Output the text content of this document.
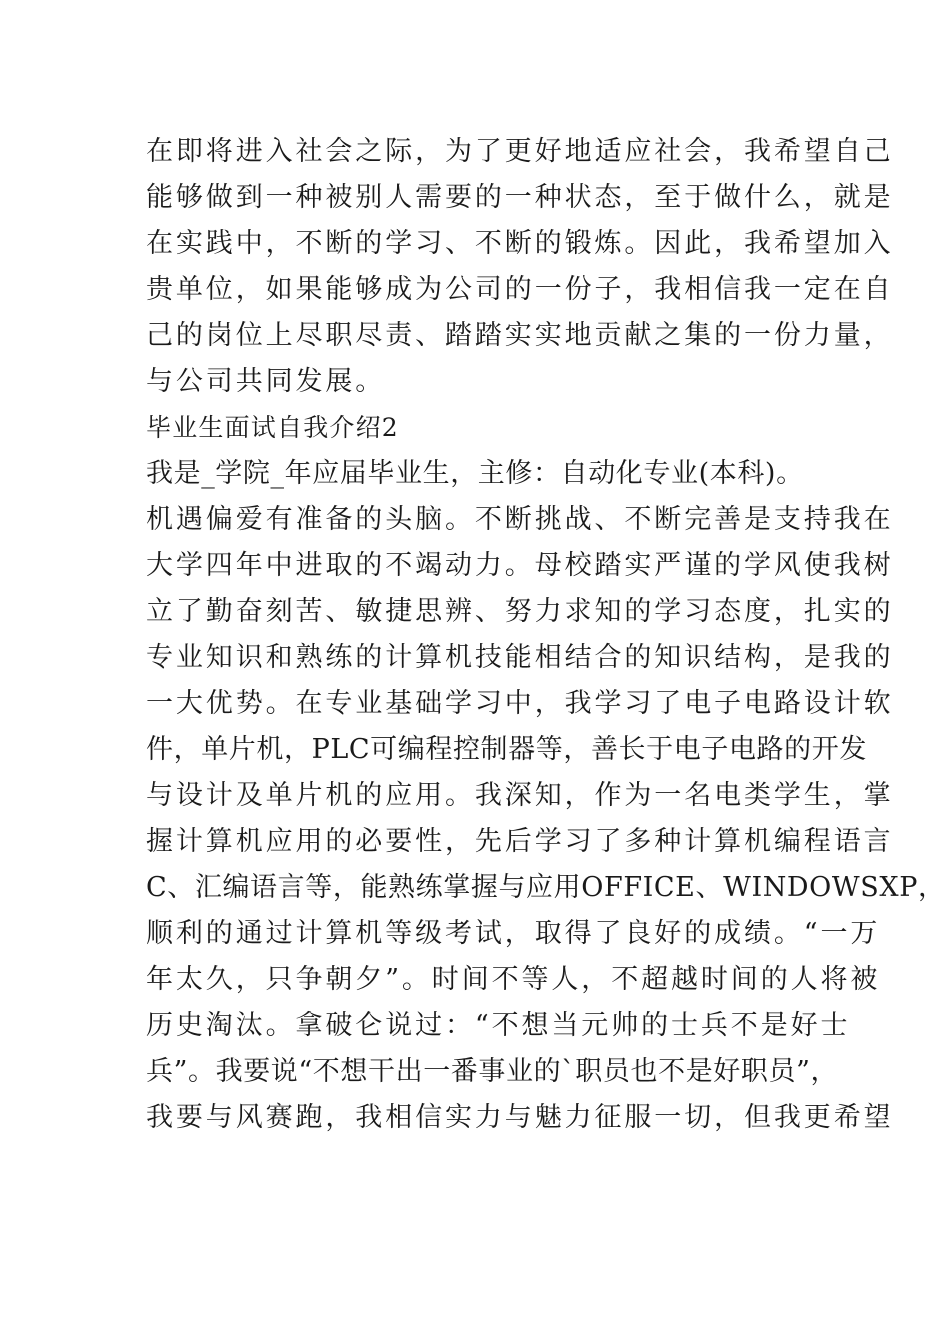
在即将进入社会之际，为了更好地适应社会，我希望自己

能够做到一种被别人需要的一种状态，至于做什么，就是

在实践中，不断的学习、不断的锻炼。因此，我希望加入

贵单位，如果能够成为公司的一份子，我相信我一定在自

己的岗位上尽职尽责、踏踏实实地贡献之集的一份力量，

与公司共同发展。

毕业生面试自我介绍2

我是_学院_年应届毕业生，主修：自动化专业(本科)。

机遇偏爱有准备的头脑。不断挑战、不断完善是支持我在

大学四年中进取的不竭动力。母校踏实严谨的学风使我树

立了勤奋刻苦、敏捷思辨、努力求知的学习态度，扎实的

专业知识和熟练的计算机技能相结合的知识结构，是我的

一大优势。在专业基础学习中，我学习了电子电路设计软

件，单片机，PLC可编程控制器等，善长于电子电路的开发

与设计及单片机的应用。我深知，作为一名电类学生，掌

握计算机应用的必要性，先后学习了多种计算机编程语言

C、汇编语言等，能熟练掌握与应用OFFICE、WINDOWSXP，

顺利的通过计算机等级考试，取得了良好的成绩。“一万

年太久，只争朝夕”。时间不等人，不超越时间的人将被

历史淘汰。拿破仑说过：“不想当元帅的士兵不是好士

兵”。我要说“不想干出一番事业的`职员也不是好职员”，

我要与风赛跑，我相信实力与魅力征服一切，但我更希望
